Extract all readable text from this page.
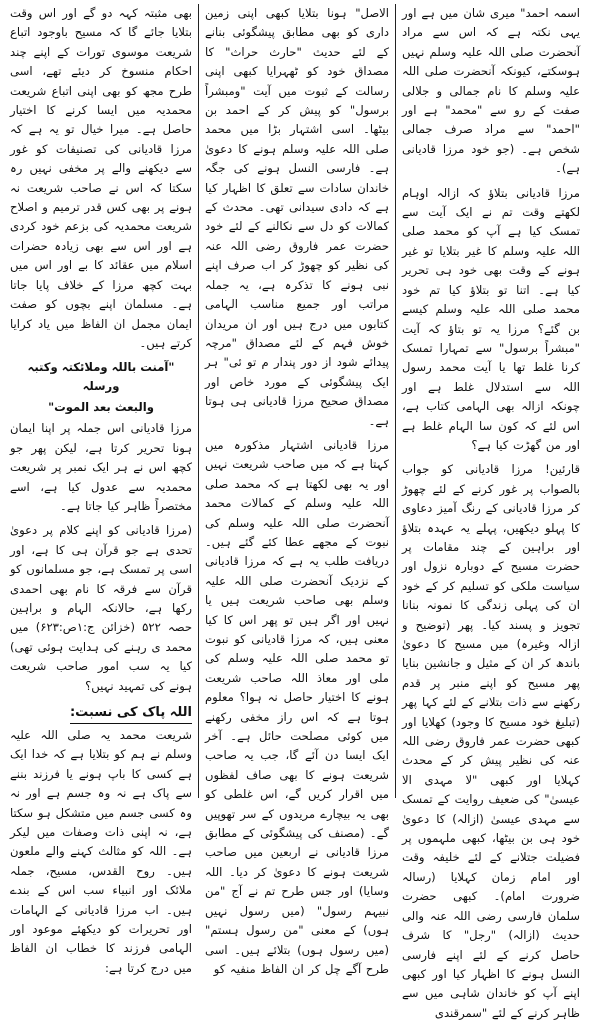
اسمہ احمد" میری شان میں ہے اور یہی نکتہ ہے کہ اس سے مراد آنحضرت صلی اللہ علیہ وسلم نہیں ہوسکتے، کیونکہ آنحضرت صلی اللہ علیہ وسلم کا نام جمالی و جلالی صفت کے رو سے "محمد" ہے اور "احمد" سے مراد صرف جمالی شخص ہے۔ (جو خود مرزا قادیانی ہے)۔

مرزا قادیانی بتلاؤ کہ ازالہ اوہام لکھتے وقت تم نے ایک آیت سے تمسک کیا ہے آپ کو محمد صلی اللہ علیہ وسلم کا غیر بتلایا تو غیر ہونے کے وقت بھی خود ہی تحریر کیا ہے۔ اتنا تو بتلاؤ کیا تم خود محمد صلی اللہ علیہ وسلم کیسے بن گئے؟ مرزا یہ تو بتاؤ کہ آیت "مبشراً برسول" سے تمہارا تمسک کرنا غلط تھا یا آیت محمد رسول اللہ سے استدلال غلط ہے اور چونکہ ازالہ بھی الہامی کتاب ہے، اس لئے کہ کون سا الہام غلط ہے اور من گھڑت کیا ہے؟

قارئین! مرزا قادیانی کو جواب بالصواب پر غور کرنے کے لئے چھوڑ کر مرزا قادیانی کے رنگ آمیز دعاوی کا پہلو دیکھیں، پہلے یہ عہدہ بتلاؤ اور براہین کے چند مقامات پر حضرت مسیح کے دوبارہ نزول اور سیاست ملکی کو تسلیم کر کے خود ان کی پہلی زندگی کا نمونہ بنانا تجویز و پسند کیا۔ پھر (توضیح و ازالہ وغیرہ) میں مسیح کا دعویٰ باندھ کر ان کے مثیل و جانشین بنایا پھر مسیح کو اپنے منبر پر قدم رکھنے سے ذات بتلانے کے لئے کہا پھر (تبلیغ خود مسیح کا وجود) کھلایا اور کبھی حضرت عمر فاروق رضی اللہ عنہ کی نظیر پیش کر کے محدث کہلایا اور کبھی "لا مہدی الا عیسیٰ" کی ضعیف روایت کے تمسک سے مہدی عیسیٰ (ازالہ) کا دعویٰ خود ہی بن بیٹھا، کبھی ملہموں پر فضیلت جتلانے کے لئے خلیفہ وقت اور امام زمان کہلایا (رسالہ ضرورت امام)۔ کبھی حضرت سلمان فارسی رضی اللہ عنہ والی حدیث (ازالہ) "رجل" کا شرف حاصل کرنے کے لئے اپنے فارسی النسل ہونے کا اظہار کیا اور کبھی اپنے آپ کو خاندان شاہی میں سے ظاہر کرنے کے لئے "سمرقندی

الاصل" ہونا بتلایا کبھی اپنی زمین داری کو بھی مطابق پیشگوئی بنانے کے لئے حدیث "حارث حراث" کا مصداق خود کو ٹھہرایا کبھی اپنی رسالت کے ثبوت میں آیت "ومبشراً برسول" کو پیش کر کے احمد بن بیٹھا۔ اسی اشتہار بڑا میں محمد صلی اللہ علیہ وسلم ہونے کا دعویٰ ہے۔ فارسی النسل ہونے کی جگہ خاندان سادات سے تعلق کا اظہار کیا ہے کہ دادی سیدانی تھی۔ محدث کے کمالات کو دل سے نکالنے کے لئے خود حضرت عمر فاروق رضی اللہ عنہ کی نظیر کو چھوڑ کر اب صرف اپنے نبی ہونے کا تذکرہ ہے، یہ جملہ مراتب اور جمیع مناسب الہامی کتابوں میں درج ہیں اور ان مریدان خوش فہم کے لئے مصداق "مرچہ پیدائے شود از دور پندار م تو ئی" ہر ایک پیشگوئی کے مورد خاص اور مصداق صحیح مرزا قادیانی ہی ہوتا ہے۔

مرزا قادیانی اشتہار مذکورہ میں کہتا ہے کہ میں صاحب شریعت نہیں اور یہ بھی لکھتا ہے کہ محمد صلی اللہ علیہ وسلم کے کمالات محمد آنحضرت صلی اللہ علیہ وسلم کی نبوت کے مجھے عطا کئے گئے ہیں۔ دریافت طلب یہ ہے کہ مرزا قادیانی کے نزدیک آنحضرت صلی اللہ علیہ وسلم بھی صاحب شریعت ہیں یا نہیں اور اگر ہیں تو پھر اس کا کیا معنی ہیں، کہ مرزا قادیانی کو نبوت تو محمد صلی اللہ علیہ وسلم کی ملی اور معاذ اللہ صاحب شریعت ہونے کا اختیار حاصل نہ ہوا؟ معلوم ہوتا ہے کہ اس راز مخفی رکھنے میں کوئی مصلحت حائل ہے۔ آخر ایک ایسا دن آئے گا، جب یہ صاحب شریعت ہونے کا بھی صاف لفظوں میں اقرار کریں گے، اس غلطی کو بھی یہ بیچارے مریدوں کے سر تھوپیں گے۔ (مصنف کی پیشگوئی کے مطابق مرزا قادیانی نے اربعین میں صاحب شریعت ہونے کا دعویٰ کر دیا۔ اللہ وسایا) اور جس طرح تم نے آج "من نبیہم رسول" (میں رسول نہیں ہوں) کے معنی "من رسول ہستم" (میں رسول ہوں) بتلائے ہیں۔ اسی طرح آگے چل کر ان الفاظ منفیہ کو

بھی مثبتہ کہہ دو گے اور اس وقت بتلایا جائے گا کہ مسیح باوجود اتباع شریعت موسوی تورات کے اپنے چند احکام منسوخ کر دیئے تھے، اسی طرح مجھ کو بھی اپنی اتباع شریعت محمدیہ میں ایسا کرنے کا اختیار حاصل ہے۔ میرا خیال تو یہ ہے کہ مرزا قادیانی کی تصنیفات کو غور سے دیکھنے والے پر مخفی نہیں رہ سکتا کہ اس نے صاحب شریعت نہ ہونے پر بھی کس قدر ترمیم و اصلاح شریعت محمدیہ کی بزعم خود کردی ہے اور اس سے بھی زیادہ حضرات اسلام میں عقائد کا بے اور اس میں بہت کچھ مرزا کے خلاف پایا جاتا ہے۔ مسلمان اپنے بچوں کو صفت ایمان مجمل ان الفاظ میں یاد کرایا کرتے ہیں۔

"آمنت باللہ وملائکتہ وکتبہ ورسلہ
والبعث بعد الموت"

مرزا قادیانی اس جملہ پر اپنا ایمان ہونا تحریر کرتا ہے، لیکن پھر جو کچھ اس نے ہر ایک نمبر پر شریعت محمدیہ سے عدول کیا ہے، اسے مختصراً ظاہر کیا جاتا ہے۔

(مرزا قادیانی کو اپنے کلام پر دعویٰ تحدی ہے جو قرآن ہی کا ہے، اور اسی پر تمسک ہے، جو مسلمانوں کو قرآن سے فرقہ کا نام بھی احمدی رکھا ہے، حالانکہ الہام و براہین حصہ ۵۲۲ (خزائن ج:۱ص:۶۲۳) میں محمد ی رہنے کی ہدایت ہوئی تھی) کیا یہ سب امور صاحب شریعت ہونے کی تمہید نہیں؟

اللہ پاک کی نسبت:

شریعت محمد یہ صلی اللہ علیہ وسلم نے ہم کو بتلایا ہے کہ خدا ایک ہے کسی کا باپ ہونے یا فرزند بننے سے پاک ہے نہ وہ جسم ہے اور نہ وہ کسی جسم میں متشکل ہو سکتا ہے، نہ اپنی ذات وصفات میں لیکر ہے۔ اللہ کو مثالث کہنے والے ملعون ہیں۔ روح القدس، مسیح، جملہ ملائک اور انبیاء سب اس کے بندے ہیں۔ اب مرزا قادیانی کے الہامات اور تحریرات کو دیکھئے موعود اور الہامی فرزند کا خطاب ان الفاظ میں درج کرتا ہے:
